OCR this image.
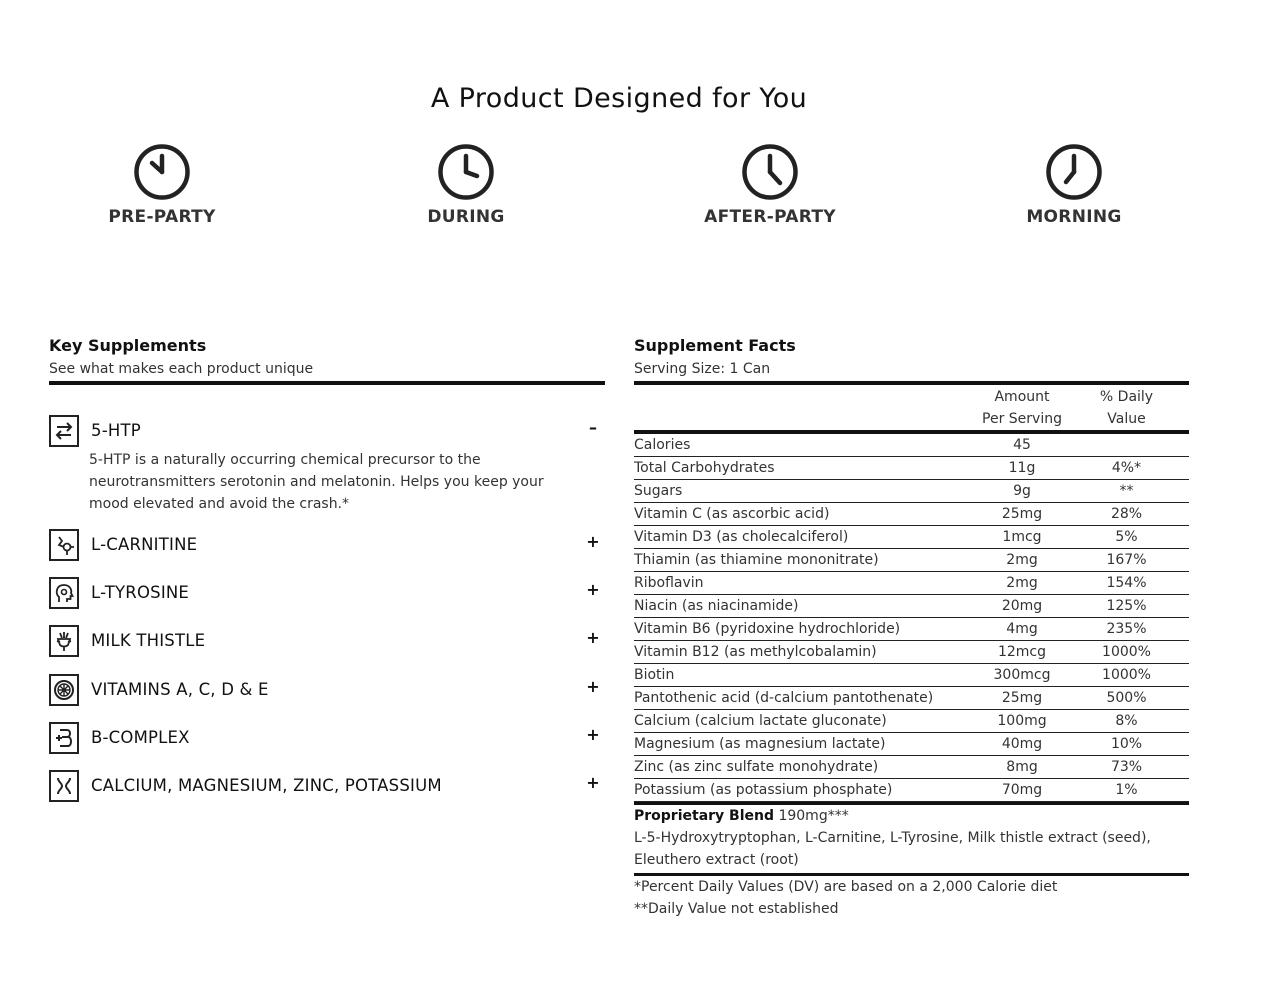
A Product Designed for You
PRE-PARTY	DURING	AFTER-PARTY	MORNING
Key Supplements
See what makes each product unique
5-HTP	–
5-HTP is a naturally occurring chemical precursor to the neurotransmitters serotonin and melatonin. Helps you keep your mood elevated and avoid the crash.*
L-CARNITINE	+
L-TYROSINE	+
MILK THISTLE	+
VITAMINS A, C, D & E	+
B-COMPLEX	+
CALCIUM, MAGNESIUM, ZINC, POTASSIUM	+
Supplement Facts
Serving Size: 1 Can

Amount
Per Serving

% Daily
Value
Calories	45	
Total Carbohydrates	11g	4%*
Sugars	9g	**
Vitamin C (as ascorbic acid)	25mg	28%
Vitamin D3 (as cholecalciferol)	1mcg	5%
Thiamin (as thiamine mononitrate)	2mg	167%
Riboflavin	2mg	154%
Niacin (as niacinamide)	20mg	125%
Vitamin B6 (pyridoxine hydrochloride)	4mg	235%
Vitamin B12 (as methylcobalamin)	12mcg	1000%
Biotin	300mcg	1000%
Pantothenic acid (d-calcium pantothenate)	25mg	500%
Calcium (calcium lactate gluconate)	100mg	8%
Magnesium (as magnesium lactate)	40mg	10%
Zinc (as zinc sulfate monohydrate)	8mg	73%
Potassium (as potassium phosphate)	70mg	1%
Proprietary Blend 190mg***
L-5-Hydroxytryptophan, L-Carnitine, L-Tyrosine, Milk thistle extract (seed), Eleuthero extract (root)
*Percent Daily Values (DV) are based on a 2,000 Calorie diet
**Daily Value not established
